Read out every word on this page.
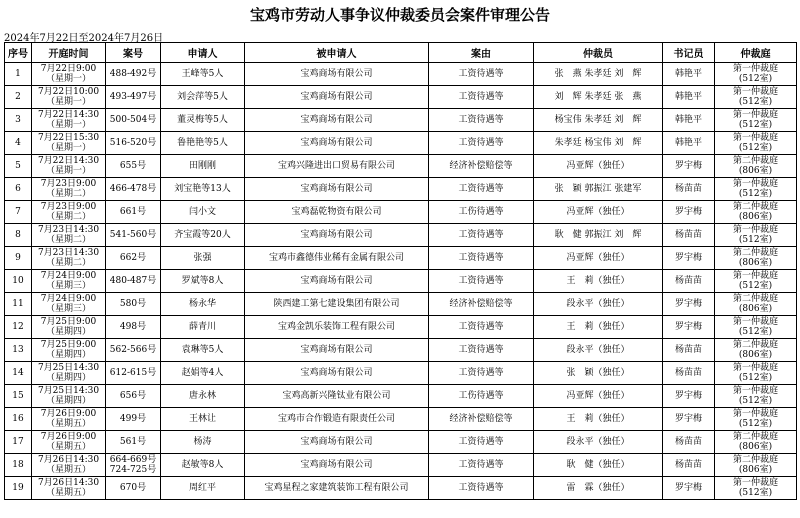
宝鸡市劳动人事争议仲裁委员会案件审理公告
2024年7月22日至2024年7月26日
序号	开庭时间	案号	申请人	被申请人	案由	仲裁员	书记员	仲裁庭
1	7月22日9:00
（星期一）	488-492号	王峰等5人	宝鸡商场有限公司	工资待遇等	张　燕 朱孝廷 刘　辉	韩艳平	第一仲裁庭
(512室)

2	7月22日10:00
（星期一）	493-497号	刘会萍等5人	宝鸡商场有限公司	工资待遇等	刘　辉 朱孝廷 张　燕	韩艳平	第一仲裁庭
(512室)

3	7月22日14:30
（星期一）	500-504号	董灵梅等5人	宝鸡商场有限公司	工资待遇等	杨宝伟 朱孝廷 刘　辉	韩艳平	第一仲裁庭
(512室)

4	7月22日15:30
（星期一）	516-520号	鲁艳艳等5人	宝鸡商场有限公司	工资待遇等	朱孝廷 杨宝伟 刘　辉	韩艳平	第一仲裁庭
(512室)

5	7月22日14:30
（星期一）	655号	田刚刚	宝鸡兴隆进出口贸易有限公司	经济补偿赔偿等	冯亚辉（独任）	罗宇梅	第二仲裁庭
(806室)

6	7月23日9:00
（星期二）	466-478号	刘宝艳等13人	宝鸡商场有限公司	工资待遇等	张　颖 郭振江 张建军	杨苗苗	第一仲裁庭
(512室)

7	7月23日9:00
（星期二）	661号	闫小文	宝鸡磊乾物资有限公司	工伤待遇等	冯亚辉（独任）	罗宇梅	第二仲裁庭
(806室)

8	7月23日14:30
（星期二）	541-560号	齐宝霞等20人	宝鸡商场有限公司	工资待遇等	耿　健 郭振江 刘　辉	杨苗苗	第一仲裁庭
(512室)

9	7月23日14:30
（星期二）	662号	张强	宝鸡市鑫德伟业稀有金属有限公司	工资待遇等	冯亚辉（独任）	罗宇梅	第二仲裁庭
(806室)

10	7月24日9:00
（星期三）	480-487号	罗斌等8人	宝鸡商场有限公司	工资待遇等	王　莉（独任）	杨苗苗	第一仲裁庭
(512室)

11	7月24日9:00
（星期三）	580号	杨永华	陕西建工第七建设集团有限公司	经济补偿赔偿等	段永平（独任）	罗宇梅	第二仲裁庭
(806室)

12	7月25日9:00
（星期四）	498号	薛青川	宝鸡金凯乐装饰工程有限公司	工资待遇等	王　莉（独任）	罗宇梅	第一仲裁庭
(512室)

13	7月25日9:00
（星期四）	562-566号	袁琳等5人	宝鸡商场有限公司	工资待遇等	段永平（独任）	杨苗苗	第二仲裁庭
(806室)

14	7月25日14:30
（星期四）	612-615号	赵娟等4人	宝鸡商场有限公司	工资待遇等	张　颖（独任）	杨苗苗	第一仲裁庭
(512室)

15	7月25日14:30
（星期四）	656号	唐永林	宝鸡高新兴隆钛业有限公司	工伤待遇等	冯亚辉（独任）	罗宇梅	第一仲裁庭
(512室)

16	7月26日9:00
（星期五）	499号	王林让	宝鸡市合作锻造有限责任公司	经济补偿赔偿等	王　莉（独任）	罗宇梅	第一仲裁庭
(512室)

17	7月26日9:00
（星期五）	561号	杨涛	宝鸡商场有限公司	工资待遇等	段永平（独任）	杨苗苗	第二仲裁庭
(806室)

18	7月26日14:30
（星期五）	664-669号
724-725号	赵敏等8人	宝鸡商场有限公司	工资待遇等	耿　健（独任）	杨苗苗	第二仲裁庭
(806室)

19	7月26日14:30
（星期五）	670号	周红平	宝鸡星程之家建筑装饰工程有限公司	工资待遇等	雷　霖（独任）	罗宇梅	第一仲裁庭
(512室)
